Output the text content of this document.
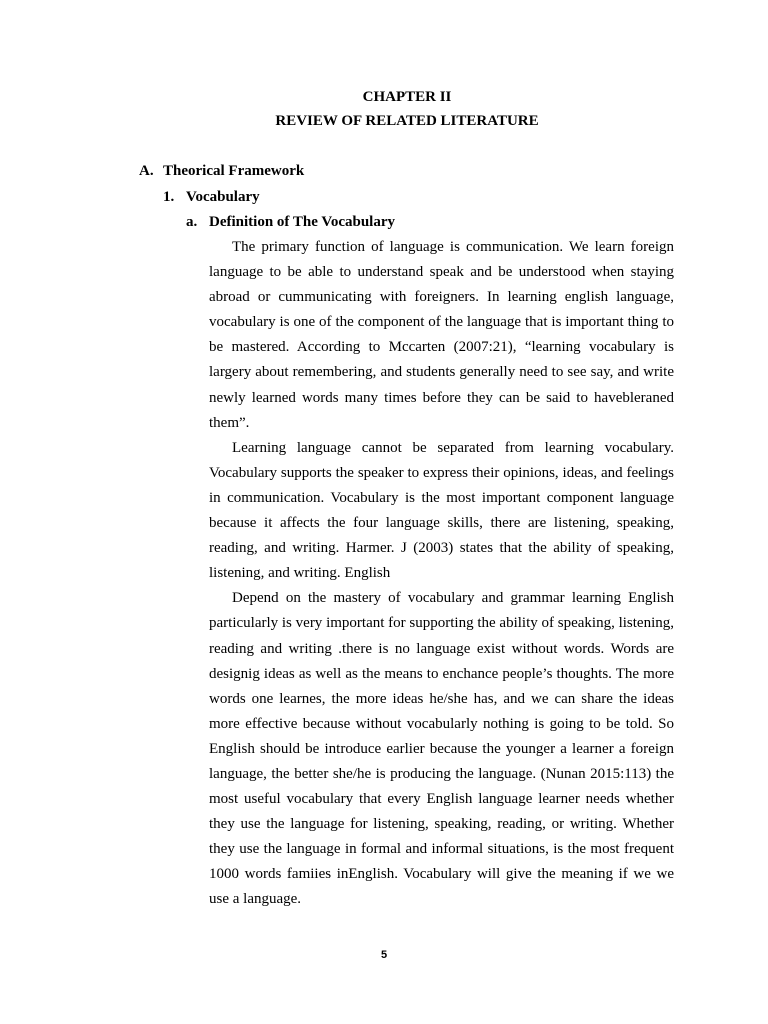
CHAPTER II
REVIEW OF RELATED LITERATURE
A. Theorical Framework
1. Vocabulary
a. Definition of The Vocabulary

The primary function of language is communication. We learn foreign language to be able to understand speak and be understood when staying abroad or cummunicating with foreigners. In learning english language, vocabulary is one of the component of the language that is important thing to be mastered. According to Mccarten (2007:21), “learning vocabulary is largery about remembering, and students generally need to see say, and write newly learned words many times before they can be said to havebleraned them”.

Learning language cannot be separated from learning vocabulary. Vocabulary supports the speaker to express their opinions, ideas, and feelings in communication. Vocabulary is the most important component language because it affects the four language skills, there are listening, speaking, reading, and writing. Harmer. J (2003) states that the ability of speaking, listening, and writing. English

Depend on the mastery of vocabulary and grammar learning English particularly is very important for supporting the ability of speaking, listening, reading and writing .there is no language exist without words. Words are designig ideas as well as the means to enchance people’s thoughts. The more words one learnes, the more ideas he/she has, and we can share the ideas more effective because without vocabularly nothing is going to be told. So English should be introduce earlier because the younger a learner a foreign language, the better she/he is producing the language. (Nunan 2015:113) the most useful vocabulary that every English language learner needs whether they use the language for listening, speaking, reading, or writing. Whether they use the language in formal and informal situations, is the most frequent 1000 words famiies inEnglish. Vocabulary will give the meaning if we we use a language.

5
